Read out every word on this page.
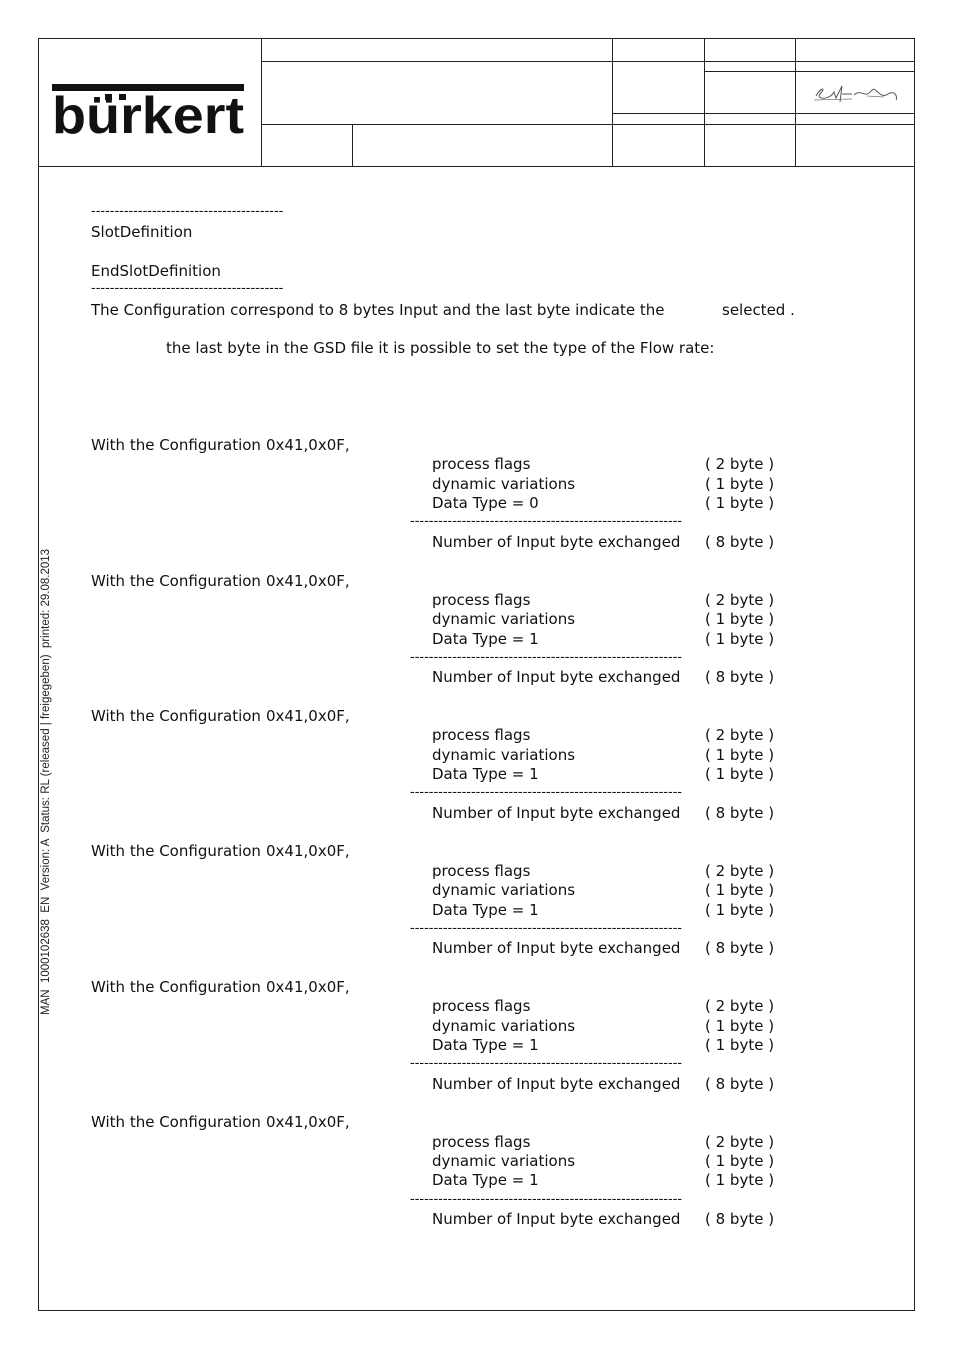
bürkert
MAN  1000102638  EN  Version: A  Status: RL (released | freigegeben)  printed: 29.08.2013
-----------------------------------------
SlotDefinition
EndSlotDefinition
-----------------------------------------
The Configuration correspond to 8 bytes Input and the last byte indicate the	selected .
the last byte in the GSD file it is possible to set the type of the Flow rate:
With the Configuration 0x41,0x0F,
process flags	( 2 byte )
dynamic variations	( 1 byte )
Data Type = 0	( 1 byte )
----------------------------------------------------------
Number of Input byte exchanged ( 8 byte )
With the Configuration 0x41,0x0F,
process flags	( 2 byte )
dynamic variations	( 1 byte )
Data Type = 1	( 1 byte )
----------------------------------------------------------
Number of Input byte exchanged ( 8 byte )
With the Configuration 0x41,0x0F,
process flags	( 2 byte )
dynamic variations	( 1 byte )
Data Type = 1	( 1 byte )
----------------------------------------------------------
Number of Input byte exchanged ( 8 byte )
With the Configuration 0x41,0x0F,
process flags	( 2 byte )
dynamic variations	( 1 byte )
Data Type = 1	( 1 byte )
----------------------------------------------------------
Number of Input byte exchanged ( 8 byte )
With the Configuration 0x41,0x0F,
process flags	( 2 byte )
dynamic variations	( 1 byte )
Data Type = 1	( 1 byte )
----------------------------------------------------------
Number of Input byte exchanged ( 8 byte )
With the Configuration 0x41,0x0F,
process flags	( 2 byte )
dynamic variations	( 1 byte )
Data Type = 1	( 1 byte )
----------------------------------------------------------
Number of Input byte exchanged ( 8 byte )
